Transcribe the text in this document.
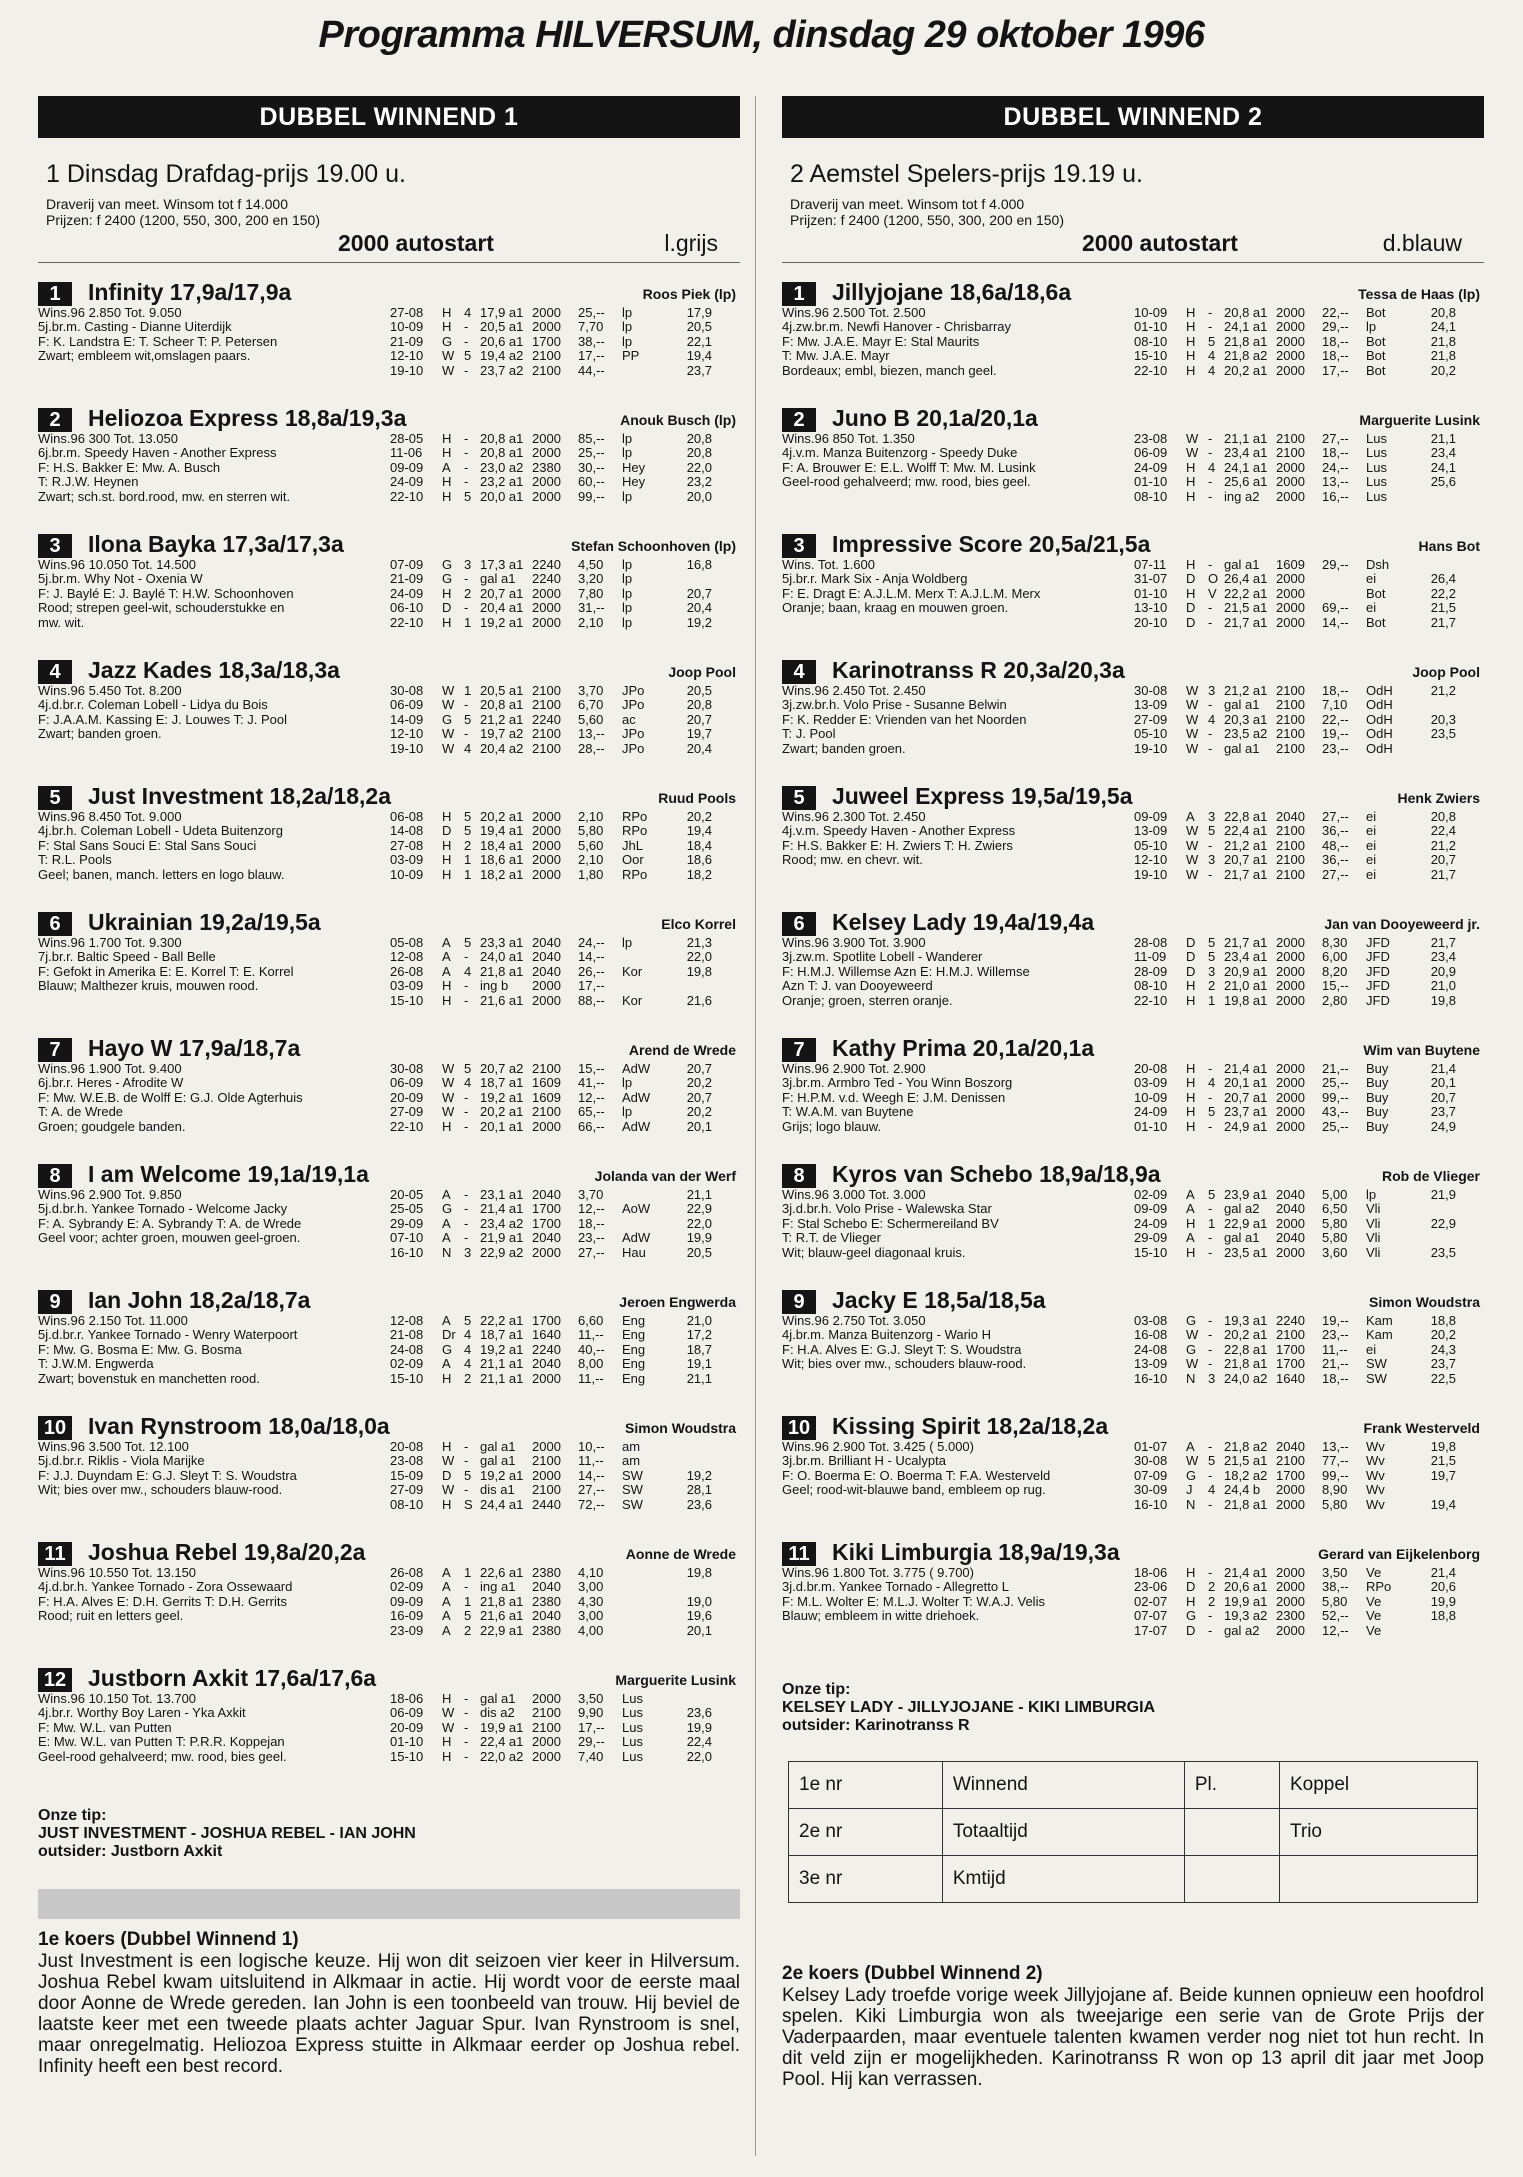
Programma HILVERSUM, dinsdag 29 oktober 1996
DUBBEL WINNEND 1
1 Dinsdag Drafdag-prijs 19.00 u.
Draverij van meet. Winsom tot f 14.000
Prijzen: f 2400 (1200, 550, 300, 200 en 150)
2000 autostart	l.grijs
1	Infinity 17,9a/17,9a	Roos Piek (lp)
Wins.96 2.850 Tot. 9.050
5j.br.m. Casting - Dianne Uiterdijk
F: K. Landstra E: T. Scheer T: P. Petersen
Zwart; embleem wit,omslagen paars.
27-08 H 4 17,9 a1 2000 25,-- lp	17,9
10-09 H - 20,5 a1 2000 7,70 lp	20,5
21-09 G - 20,6 a1 1700 38,-- lp	22,1
12-10 W 5 19,4 a2 2100 17,-- PP	19,4
19-10 W - 23,7 a2 2100 44,--	23,7
2	Heliozoa Express 18,8a/19,3a	Anouk Busch (lp)
Wins.96 300 Tot. 13.050
6j.br.m. Speedy Haven - Another Express
F: H.S. Bakker E: Mw. A. Busch
T: R.J.W. Heynen
Zwart; sch.st. bord.rood, mw. en sterren wit.
28-05 H - 20,8 a1 2000 85,-- lp	20,8
11-06 H - 20,8 a1 2000 25,-- lp	20,8
09-09 A - 23,0 a2 2380 30,-- Hey	22,0
24-09 H - 23,2 a1 2000 60,-- Hey	23,2
22-10 H 5 20,0 a1 2000 99,-- lp	20,0
3	Ilona Bayka 17,3a/17,3a	Stefan Schoonhoven (lp)
Wins.96 10.050 Tot. 14.500
5j.br.m. Why Not - Oxenia W
F: J. Baylé E: J. Baylé T: H.W. Schoonhoven
Rood; strepen geel-wit, schouderstukke en
mw. wit.
07-09 G 3 17,3 a1 2240 4,50 lp	16,8
21-09 G - gal a1 2240 3,20 lp
24-09 H 2 20,7 a1 2000 7,80 lp	20,7
06-10 D - 20,4 a1 2000 31,-- lp	20,4
22-10 H 1 19,2 a1 2000 2,10 lp	19,2
4	Jazz Kades 18,3a/18,3a	Joop Pool
Wins.96 5.450 Tot. 8.200
4j.d.br.r. Coleman Lobell - Lidya du Bois
F: J.A.A.M. Kassing E: J. Louwes T: J. Pool
Zwart; banden groen.
30-08 W 1 20,5 a1 2100 3,70 JPo	20,5
06-09 W - 20,8 a1 2100 6,70 JPo	20,8
14-09 G 5 21,2 a1 2240 5,60 ac	20,7
12-10 W - 19,7 a2 2100 13,-- JPo	19,7
19-10 W 4 20,4 a2 2100 28,-- JPo	20,4
5	Just Investment 18,2a/18,2a	Ruud Pools
Wins.96 8.450 Tot. 9.000
4j.br.h. Coleman Lobell - Udeta Buitenzorg
F: Stal Sans Souci E: Stal Sans Souci
T: R.L. Pools
Geel; banen, manch. letters en logo blauw.
06-08 H 5 20,2 a1 2000 2,10 RPo	20,2
14-08 D 5 19,4 a1 2000 5,80 RPo	19,4
27-08 H 2 18,4 a1 2000 5,60 JhL	18,4
03-09 H 1 18,6 a1 2000 2,10 Oor	18,6
10-09 H 1 18,2 a1 2000 1,80 RPo	18,2
6	Ukrainian 19,2a/19,5a	Elco Korrel
Wins.96 1.700 Tot. 9.300
7j.br.r. Baltic Speed - Ball Belle
F: Gefokt in Amerika E: E. Korrel T: E. Korrel
Blauw; Malthezer kruis, mouwen rood.
05-08 A 5 23,3 a1 2040 24,-- lp	21,3
12-08 A - 24,0 a1 2040 14,--	22,0
26-08 A 4 21,8 a1 2040 26,-- Kor	19,8
03-09 H - ing b 2000 17,--
15-10 H - 21,6 a1 2000 88,-- Kor	21,6
7	Hayo W 17,9a/18,7a	Arend de Wrede
Wins.96 1.900 Tot. 9.400
6j.br.r. Heres - Afrodite W
F: Mw. W.E.B. de Wolff E: G.J. Olde Agterhuis
T: A. de Wrede
Groen; goudgele banden.
30-08 W 5 20,7 a2 2100 15,-- AdW	20,7
06-09 W 4 18,7 a1 1609 41,-- lp	20,2
20-09 W - 19,2 a1 1609 12,-- AdW	20,7
27-09 W - 20,2 a1 2100 65,-- lp	20,2
22-10 H - 20,1 a1 2000 66,-- AdW	20,1
8	I am Welcome 19,1a/19,1a	Jolanda van der Werf
Wins.96 2.900 Tot. 9.850
5j.d.br.h. Yankee Tornado - Welcome Jacky
F: A. Sybrandy E: A. Sybrandy T: A. de Wrede
Geel voor; achter groen, mouwen geel-groen.
20-05 A - 23,1 a1 2040 3,70	21,1
25-05 G - 21,4 a1 1700 12,-- AoW	22,9
29-09 A - 23,4 a2 1700 18,--	22,0
07-10 A - 21,9 a1 2040 23,-- AdW	19,9
16-10 N 3 22,9 a2 2000 27,-- Hau	20,5
9	Ian John 18,2a/18,7a	Jeroen Engwerda
Wins.96 2.150 Tot. 11.000
5j.d.br.r. Yankee Tornado - Wenry Waterpoort
F: Mw. G. Bosma E: Mw. G. Bosma
T: J.W.M. Engwerda
Zwart; bovenstuk en manchetten rood.
12-08 A 5 22,2 a1 1700 6,60 Eng	21,0
21-08 Dr 4 18,7 a1 1640 11,-- Eng	17,2
24-08 G 4 19,2 a1 2240 40,-- Eng	18,7
02-09 A 4 21,1 a1 2040 8,00 Eng	19,1
15-10 H 2 21,1 a1 2000 11,-- Eng	21,1
10 Ivan Rynstroom 18,0a/18,0a	Simon Woudstra
Wins.96 3.500 Tot. 12.100
5j.d.br.r. Riklis - Viola Marijke
F: J.J. Duyndam E: G.J. Sleyt T: S. Woudstra
Wit; bies over mw., schouders blauw-rood.
20-08 H - gal a1 2000 10,-- am
23-08 W - gal a1 2100 11,-- am
15-09 D 5 19,2 a1 2000 14,-- SW	19,2
27-09 W - dis a1 2100 27,-- SW	28,1
08-10 H S 24,4 a1 2440 72,-- SW	23,6
11 Joshua Rebel 19,8a/20,2a	Aonne de Wrede
Wins.96 10.550 Tot. 13.150
4j.d.br.h. Yankee Tornado - Zora Ossewaard
F: H.A. Alves E: D.H. Gerrits T: D.H. Gerrits
Rood; ruit en letters geel.
26-08 A 1 22,6 a1 2380 4,10	19,8
02-09 A - ing a1 2040 3,00
09-09 A 1 21,8 a1 2380 4,30	19,0
16-09 A 5 21,6 a1 2040 3,00	19,6
23-09 A 2 22,9 a1 2380 4,00	20,1
12 Justborn Axkit 17,6a/17,6a	Marguerite Lusink
Wins.96 10.150 Tot. 13.700
4j.br.r. Worthy Boy Laren - Yka Axkit
F: Mw. W.L. van Putten
E: Mw. W.L. van Putten T: P.R.R. Koppejan
Geel-rood gehalveerd; mw. rood, bies geel.
18-06 H - gal a1 2000 3,50 Lus
06-09 W - dis a2 2100 9,90 Lus	23,6
20-09 W - 19,9 a1 2100 17,-- Lus	19,9
01-10 H - 22,4 a1 2000 29,-- Lus	22,4
15-10 H - 22,0 a2 2000 7,40 Lus	22,0
Onze tip:
JUST INVESTMENT - JOSHUA REBEL - IAN JOHN
outsider: Justborn Axkit
1e koers (Dubbel Winnend 1)
Just Investment is een logische keuze. Hij won dit seizoen vier keer in Hilversum. Joshua Rebel kwam uitsluitend in Alkmaar in actie. Hij wordt voor de eerste maal door Aonne de Wrede gereden. Ian John is een toonbeeld van trouw. Hij beviel de laatste keer met een tweede plaats achter Jaguar Spur. Ivan Rynstroom is snel, maar onregelmatig. Heliozoa Express stuitte in Alkmaar eerder op Joshua rebel. Infinity heeft een best record.
DUBBEL WINNEND 2
2 Aemstel Spelers-prijs 19.19 u.
Draverij van meet. Winsom tot f 4.000
Prijzen: f 2400 (1200, 550, 300, 200 en 150)
2000 autostart	d.blauw
1	Jillyjojane 18,6a/18,6a	Tessa de Haas (lp)
Wins.96 2.500 Tot. 2.500
4j.zw.br.m. Newfi Hanover - Chrisbarray
F: Mw. J.A.E. Mayr E: Stal Maurits
T: Mw. J.A.E. Mayr
Bordeaux; embl, biezen, manch geel.
10-09 H - 20,8 a1 2000 22,-- Bot	20,8
01-10 H - 24,1 a1 2000 29,-- lp	24,1
08-10 H 5 21,8 a1 2000 18,-- Bot	21,8
15-10 H 4 21,8 a2 2000 18,-- Bot	21,8
22-10 H 4 20,2 a1 2000 17,-- Bot	20,2
2	Juno B 20,1a/20,1a	Marguerite Lusink
Wins.96 850 Tot. 1.350
4j.v.m. Manza Buitenzorg - Speedy Duke
F: A. Brouwer E: E.L. Wolff T: Mw. M. Lusink
Geel-rood gehalveerd; mw. rood, bies geel.
23-08 W - 21,1 a1 2100 27,-- Lus	21,1
06-09 W - 23,4 a1 2100 18,-- Lus	23,4
24-09 H 4 24,1 a1 2000 24,-- Lus	24,1
01-10 H - 25,6 a1 2000 13,-- Lus	25,6
08-10 H - ing a2 2000 16,-- Lus
3	Impressive Score 20,5a/21,5a	Hans Bot
Wins. Tot. 1.600
5j.br.r. Mark Six - Anja Woldberg
F: E. Dragt E: A.J.L.M. Merx T: A.J.L.M. Merx
Oranje; baan, kraag en mouwen groen.
07-11 H - gal a1 1609 29,-- Dsh
31-07 D O 26,4 a1 2000	ei	26,4
01-10 H V 22,2 a1 2000	Bot	22,2
13-10 D - 21,5 a1 2000 69,-- ei	21,5
20-10 D - 21,7 a1 2000 14,-- Bot	21,7
4	Karinotranss R 20,3a/20,3a	Joop Pool
Wins.96 2.450 Tot. 2.450
3j.zw.br.h. Volo Prise - Susanne Belwin
F: K. Redder E: Vrienden van het Noorden
T: J. Pool
Zwart; banden groen.
30-08 W 3 21,2 a1 2100 18,-- OdH	21,2
13-09 W - gal a1 2100 7,10 OdH
27-09 W 4 20,3 a1 2100 22,-- OdH	20,3
05-10 W - 23,5 a2 2100 19,-- OdH	23,5
19-10 W - gal a1 2100 23,-- OdH
5	Juweel Express 19,5a/19,5a	Henk Zwiers
Wins.96 2.300 Tot. 2.450
4j.v.m. Speedy Haven - Another Express
F: H.S. Bakker E: H. Zwiers T: H. Zwiers
Rood; mw. en chevr. wit.
09-09 A 3 22,8 a1 2040 27,-- ei	20,8
13-09 W 5 22,4 a1 2100 36,-- ei	22,4
05-10 W - 21,2 a1 2100 48,-- ei	21,2
12-10 W 3 20,7 a1 2100 36,-- ei	20,7
19-10 W - 21,7 a1 2100 27,-- ei	21,7
6	Kelsey Lady 19,4a/19,4a	Jan van Dooyeweerd jr.
Wins.96 3.900 Tot. 3.900
3j.zw.m. Spotlite Lobell - Wanderer
F: H.M.J. Willemse Azn E: H.M.J. Willemse
Azn T: J. van Dooyeweerd
Oranje; groen, sterren oranje.
28-08 D 5 21,7 a1 2000 8,30 JFD	21,7
11-09 D 5 23,4 a1 2000 6,00 JFD	23,4
28-09 D 3 20,9 a1 2000 8,20 JFD	20,9
08-10 H 2 21,0 a1 2000 15,-- JFD	21,0
22-10 H 1 19,8 a1 2000 2,80 JFD	19,8
7	Kathy Prima 20,1a/20,1a	Wim van Buytene
Wins.96 2.900 Tot. 2.900
3j.br.m. Armbro Ted - You Winn Boszorg
F: H.P.M. v.d. Weegh E: J.M. Denissen
T: W.A.M. van Buytene
Grijs; logo blauw.
20-08 H - 21,4 a1 2000 21,-- Buy	21,4
03-09 H 4 20,1 a1 2000 25,-- Buy	20,1
10-09 H - 20,7 a1 2000 99,-- Buy	20,7
24-09 H 5 23,7 a1 2000 43,-- Buy	23,7
01-10 H - 24,9 a1 2000 25,-- Buy	24,9
8	Kyros van Schebo 18,9a/18,9a	Rob de Vlieger
Wins.96 3.000 Tot. 3.000
3j.d.br.h. Volo Prise - Walewska Star
F: Stal Schebo E: Schermereiland BV
T: R.T. de Vlieger
Wit; blauw-geel diagonaal kruis.
02-09 A 5 23,9 a1 2040 5,00 lp	21,9
09-09 A - gal a2 2040 6,50 Vli
24-09 H 1 22,9 a1 2000 5,80 Vli	22,9
29-09 A - gal a1 2040 5,80 Vli
15-10 H - 23,5 a1 2000 3,60 Vli	23,5
9	Jacky E 18,5a/18,5a	Simon Woudstra
Wins.96 2.750 Tot. 3.050
4j.br.m. Manza Buitenzorg - Wario H
F: H.A. Alves E: G.J. Sleyt T: S. Woudstra
Wit; bies over mw., schouders blauw-rood.
03-08 G - 19,3 a1 2240 19,-- Kam	18,8
16-08 W - 20,2 a1 2100 23,-- Kam	20,2
24-08 G - 22,8 a1 1700 11,-- ei	24,3
13-09 W - 21,8 a1 1700 21,-- SW	23,7
16-10 N 3 24,0 a2 1640 18,-- SW	22,5
10 Kissing Spirit 18,2a/18,2a	Frank Westerveld
Wins.96 2.900 Tot. 3.425 ( 5.000)
3j.br.m. Brilliant H - Ucalypta
F: O. Boerma E: O. Boerma T: F.A. Westerveld
Geel; rood-wit-blauwe band, embleem op rug.
01-07 A - 21,8 a2 2040 13,-- Wv	19,8
30-08 W 5 21,5 a1 2100 77,-- Wv	21,5
07-09 G - 18,2 a2 1700 99,-- Wv	19,7
30-09 J 4 24,4 b 2000 8,90 Wv
16-10 N - 21,8 a1 2000 5,80 Wv	19,4
11 Kiki Limburgia 18,9a/19,3a	Gerard van Eijkelenborg
Wins.96 1.800 Tot. 3.775 ( 9.700)
3j.d.br.m. Yankee Tornado - Allegretto L
F: M.L. Wolter E: M.L.J. Wolter T: W.A.J. Velis
Blauw; embleem in witte driehoek.
18-06 H - 21,4 a1 2000 3,50 Ve	21,4
23-06 D 2 20,6 a1 2000 38,-- RPo	20,6
02-07 H 2 19,9 a1 2000 5,80 Ve	19,9
07-07 G - 19,3 a2 2300 52,-- Ve	18,8
17-07 D - gal a2 2000 12,-- Ve
Onze tip:
KELSEY LADY - JILLYJOJANE - KIKI LIMBURGIA
outsider: Karinotranss R
1e nr	Winnend	Pl.	Koppel
2e nr	Totaaltijd		Trio
3e nr	Kmtijd		
2e koers (Dubbel Winnend 2)
Kelsey Lady troefde vorige week Jillyjojane af. Beide kunnen opnieuw een hoofdrol spelen. Kiki Limburgia won als tweejarige een serie van de Grote Prijs der Vaderpaarden, maar eventuele talenten kwamen verder nog niet tot hun recht. In dit veld zijn er mogelijkheden. Karinotranss R won op 13 april dit jaar met Joop Pool. Hij kan verrassen.
